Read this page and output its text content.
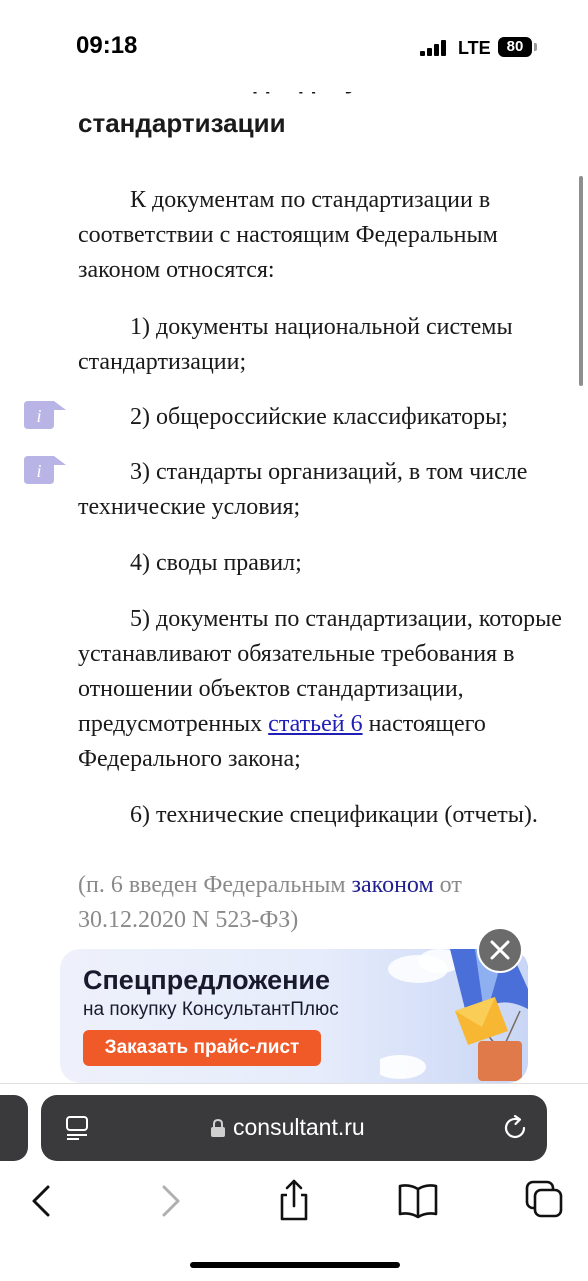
09:18	LTE	80
стандартизации

К документам по стандартизации в соответствии с настоящим Федеральным законом относятся:

1) документы национальной системы стандартизации;

i	2) общероссийские классификаторы;

i	3) стандарты организаций, в том числе технические условия;

4) своды правил;

5) документы по стандартизации, которые устанавливают обязательные требования в отношении объектов стандартизации, предусмотренных статьей 6 настоящего Федерального закона;

6) технические спецификации (отчеты).

(п. 6 введен Федеральным законом от 30.12.2020 N 523-ФЗ)

Спецпредложение
на покупку КонсультантПлюс
Заказать прайс-лист
consultant.ru
